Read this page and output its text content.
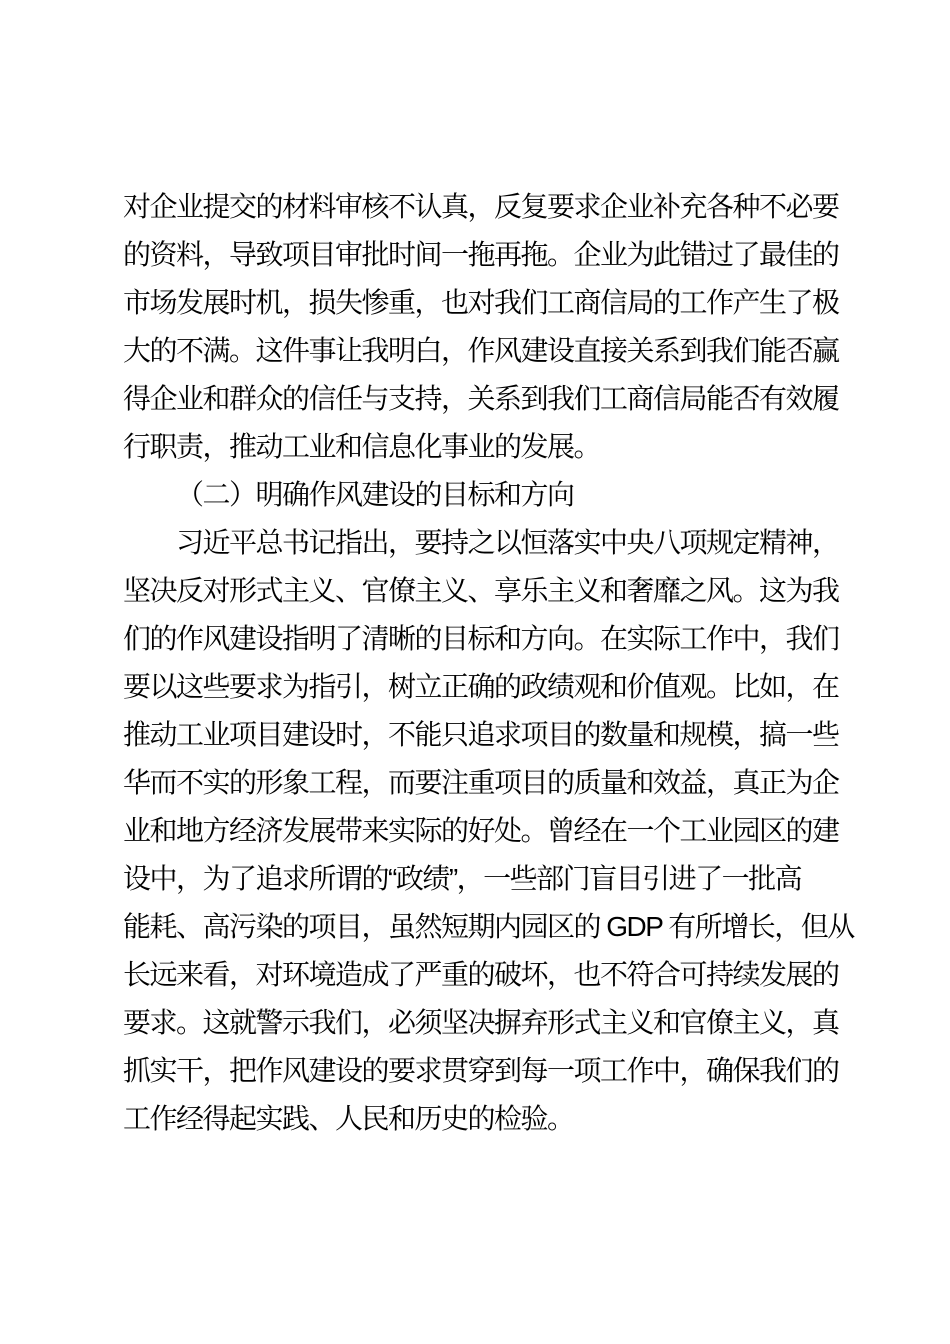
对企业提交的材料审核不认真，反复要求企业补充各种不必要
的资料，导致项目审批时间一拖再拖。企业为此错过了最佳的
市场发展时机，损失惨重，也对我们工商信局的工作产生了极
大的不满。这件事让我明白，作风建设直接关系到我们能否赢
得企业和群众的信任与支持，关系到我们工商信局能否有效履
行职责，推动工业和信息化事业的发展。
（二）明确作风建设的目标和方向
习近平总书记指出，要持之以恒落实中央八项规定精神，
坚决反对形式主义、官僚主义、享乐主义和奢靡之风。这为我
们的作风建设指明了清晰的目标和方向。在实际工作中，我们
要以这些要求为指引，树立正确的政绩观和价值观。比如，在
推动工业项目建设时，不能只追求项目的数量和规模，搞一些
华而不实的形象工程，而要注重项目的质量和效益，真正为企
业和地方经济发展带来实际的好处。曾经在一个工业园区的建
设中，为了追求所谓的“政绩”，一些部门盲目引进了一批高
能耗、高污染的项目，虽然短期内园区的 GDP 有所增长，但从
长远来看，对环境造成了严重的破坏，也不符合可持续发展的
要求。这就警示我们，必须坚决摒弃形式主义和官僚主义，真
抓实干，把作风建设的要求贯穿到每一项工作中，确保我们的
工作经得起实践、人民和历史的检验。
